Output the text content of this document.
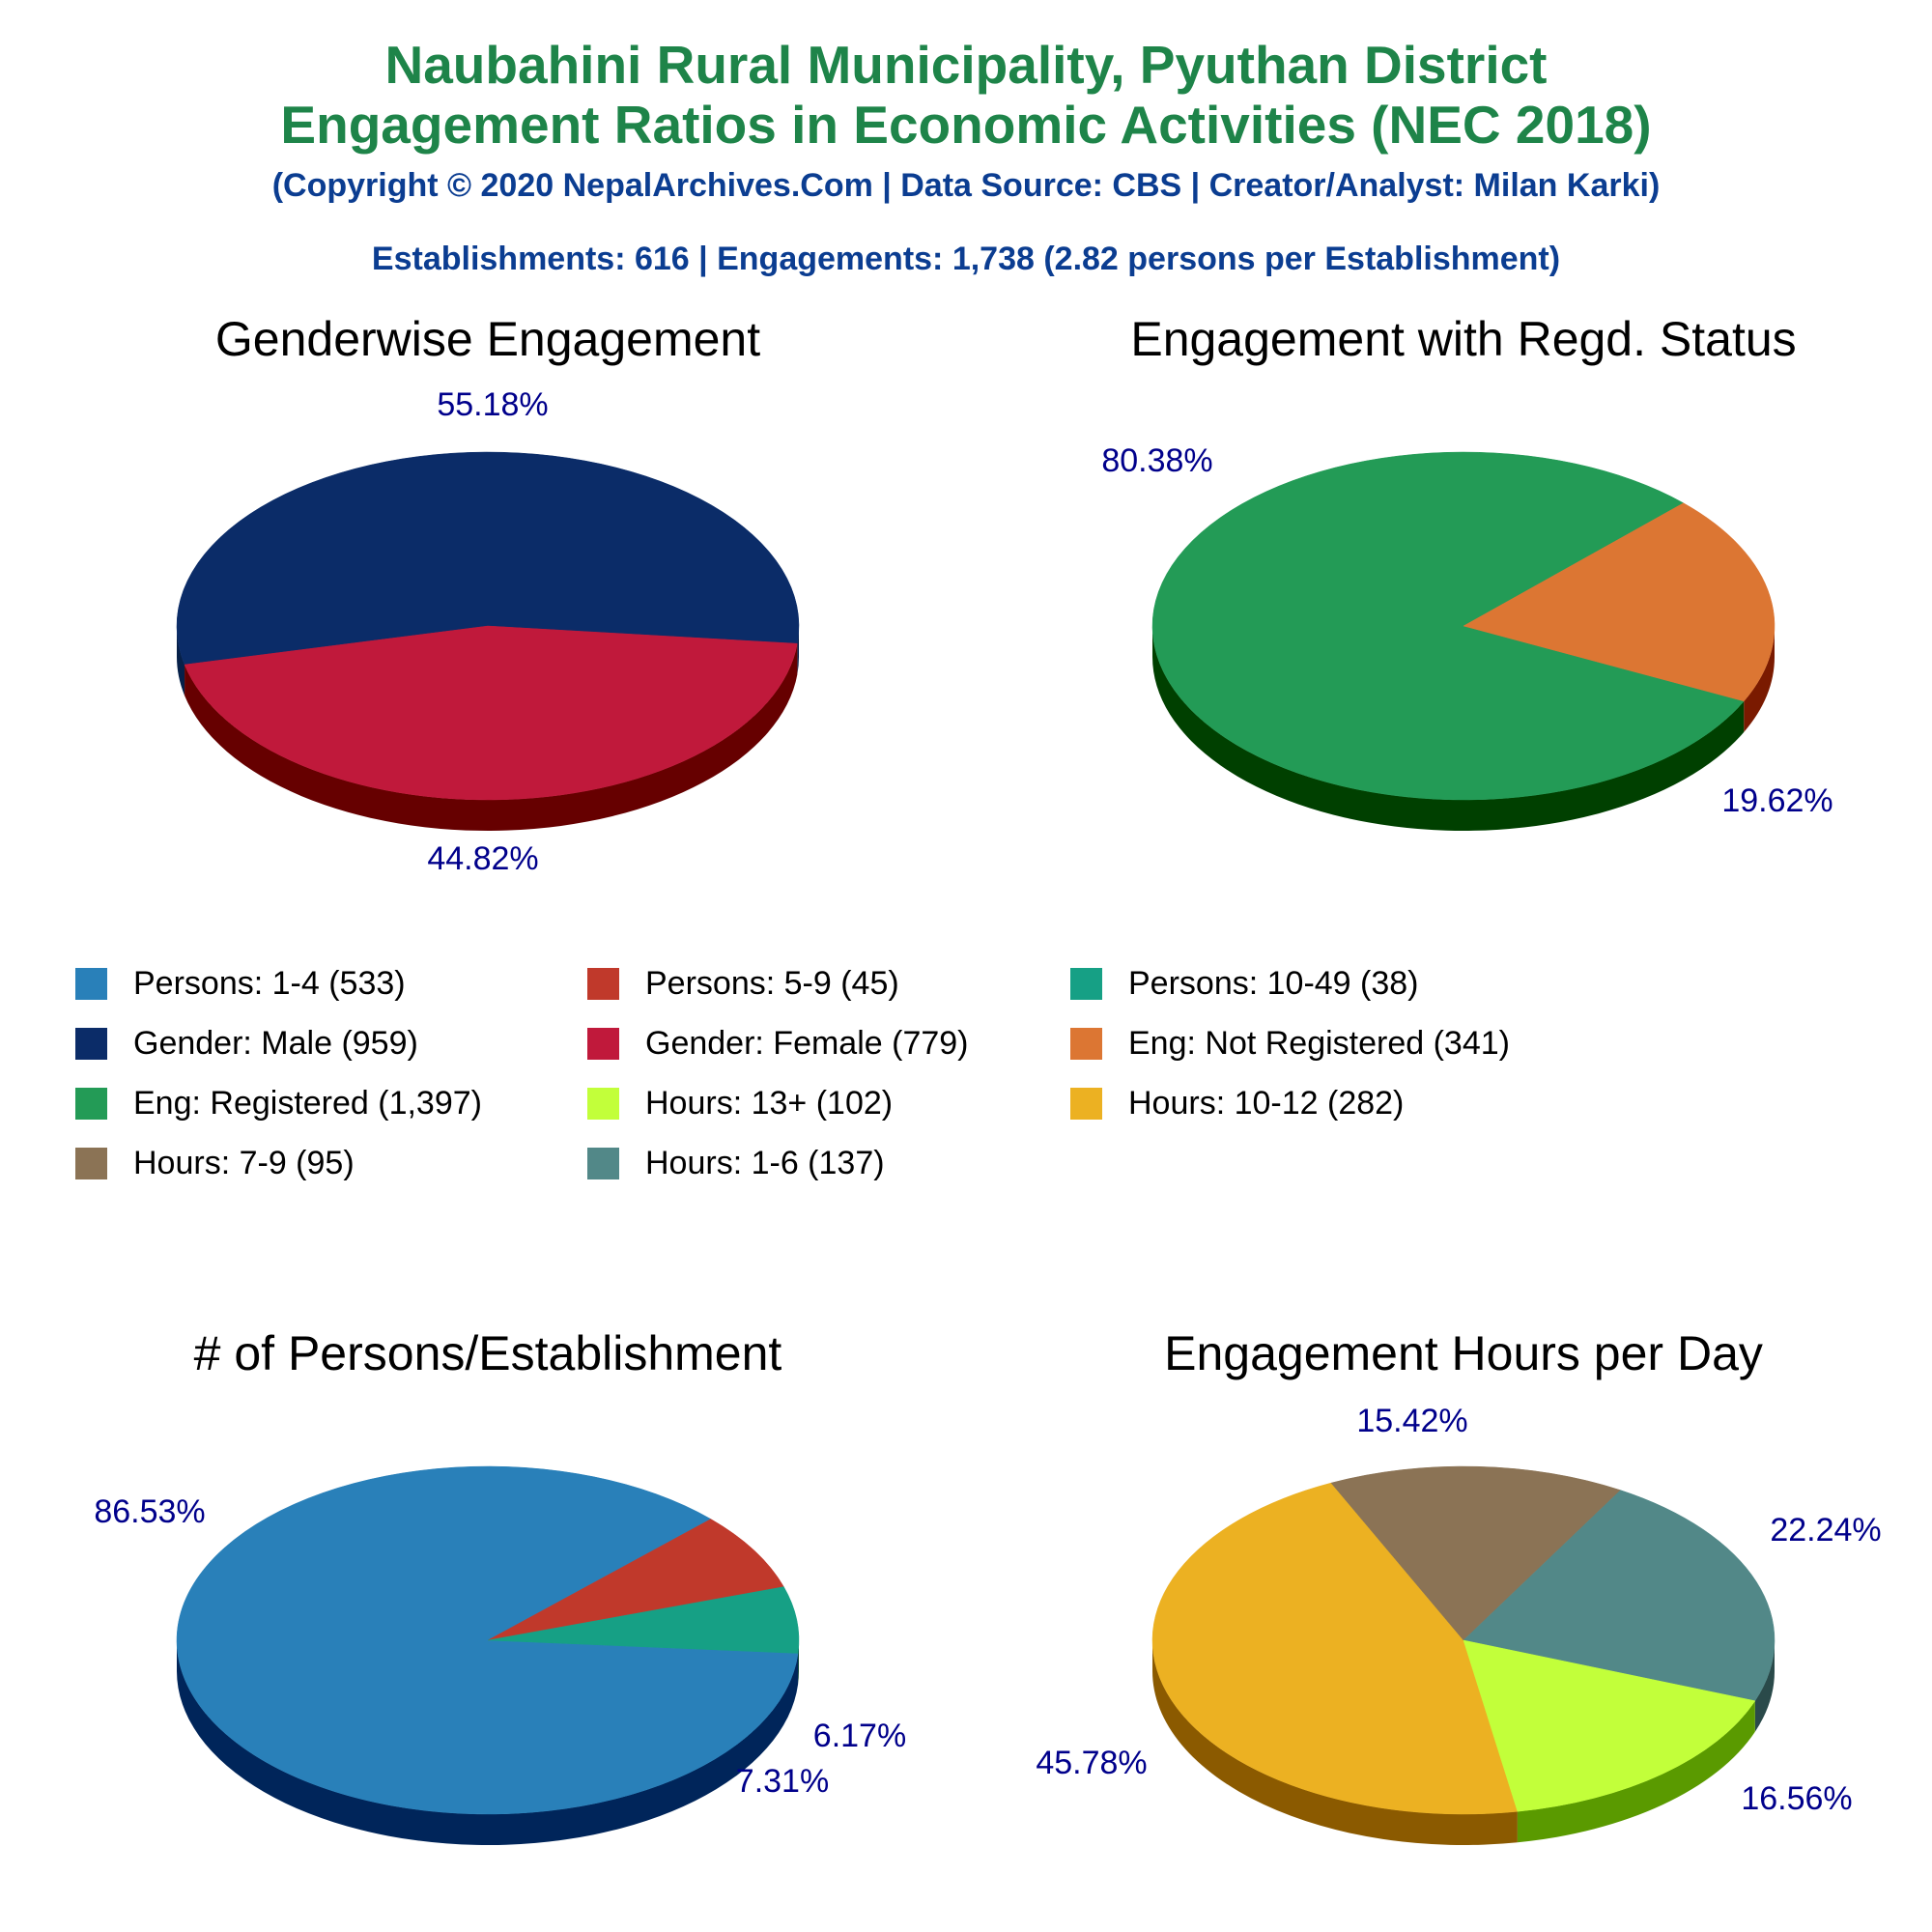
Naubahini Rural Municipality, Pyuthan District
Engagement Ratios in Economic Activities (NEC 2018)
(Copyright © 2020 NepalArchives.Com | Data Source: CBS | Creator/Analyst: Milan Karki)
Establishments: 616 | Engagements: 1,738 (2.82 persons per Establishment)
Genderwise Engagement
55.18%
44.82%
Engagement with Regd. Status
80.38%
19.62%
# of Persons/Establishment
86.53%
7.31%
6.17%
Engagement Hours per Day
45.78%
15.42%
22.24%
16.56%
Persons: 1-4 (533)	Persons: 5-9 (45)	Persons: 10-49 (38)
Gender: Male (959)	Gender: Female (779)	Eng: Not Registered (341)
Eng: Registered (1,397)	Hours: 13+ (102)	Hours: 10-12 (282)
Hours: 7-9 (95)	Hours: 1-6 (137)
